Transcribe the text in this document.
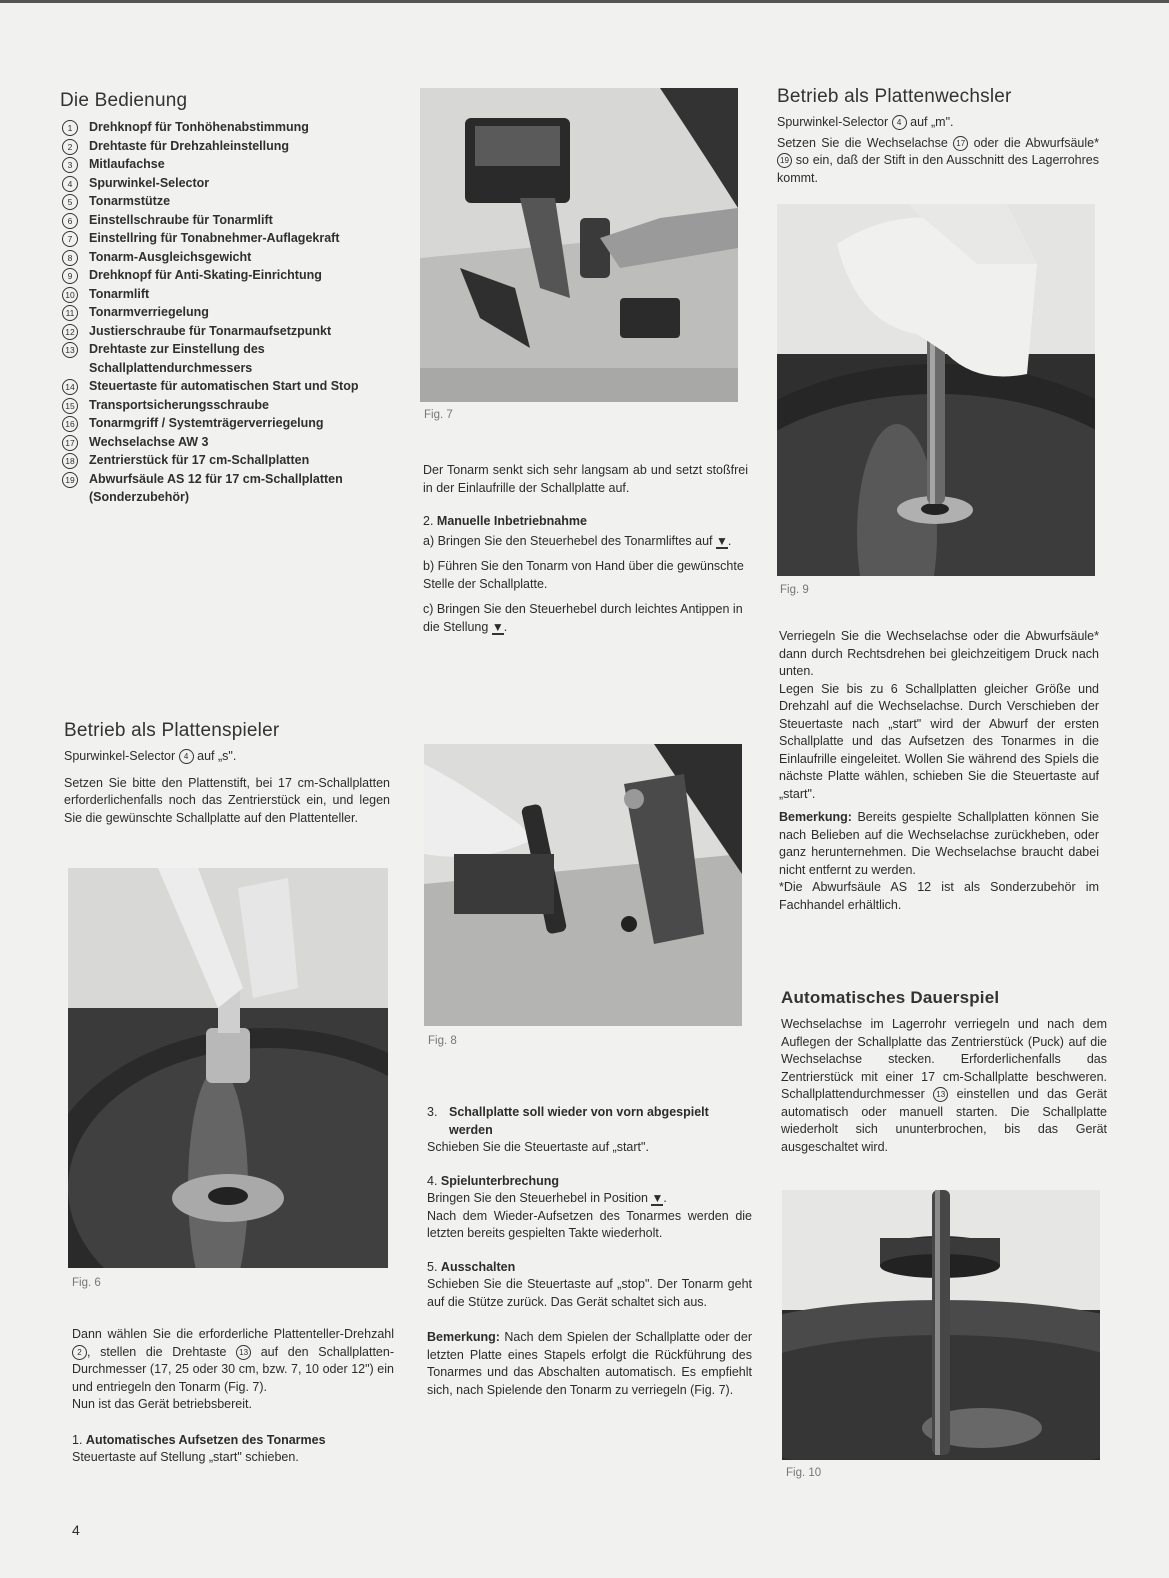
Die Bedienung
1	Drehknopf für Tonhöhenabstimmung
2	Drehtaste für Drehzahleinstellung
3	Mitlaufachse
4	Spurwinkel-Selector
5	Tonarmstütze
6	Einstellschraube für Tonarmlift
7	Einstellring für Tonabnehmer-Auflagekraft
8	Tonarm-Ausgleichsgewicht
9	Drehknopf für Anti-Skating-Einrichtung
10 Tonarmlift
11 Tonarmverriegelung
12 Justierschraube für Tonarmaufsetzpunkt
13 Drehtaste zur Einstellung des Schallplattendurchmessers
14 Steuertaste für automatischen Start und Stop
15 Transportsicherungsschraube
16 Tonarmgriff / Systemträgerverriegelung
17 Wechselachse AW 3
18 Zentrierstück für 17 cm-Schallplatten
19 Abwurfsäule AS 12 für 17 cm-Schallplatten (Sonderzubehör)
Betrieb als Plattenspieler

Spurwinkel-Selector 4 auf „s".

Setzen Sie bitte den Plattenstift, bei 17 cm-Schallplatten erforderlichenfalls noch das Zentrierstück ein, und legen Sie die gewünschte Schallplatte auf den Plattenteller.

Fig. 6

Dann wählen Sie die erforderliche Plattenteller-Drehzahl 2 , stellen die Drehtaste 13 auf den Schallplatten-Durchmesser (17, 25 oder 30 cm, bzw. 7, 10 oder 12") ein und entriegeln den Tonarm (Fig. 7).

Nun ist das Gerät betriebsbereit.

1. Automatisches Aufsetzen des Tonarmes

Steuertaste auf Stellung „start" schieben.

4

Fig. 7

Der Tonarm senkt sich sehr langsam ab und setzt stoßfrei in der Einlaufrille der Schallplatte auf.

2. Manuelle Inbetriebnahme

a) Bringen Sie den Steuerhebel des Tonarmliftes auf ▼.

b) Führen Sie den Tonarm von Hand über die gewünschte Stelle der Schallplatte.

c) Bringen Sie den Steuerhebel durch leichtes Antippen in die Stellung ▼.

Fig. 8

3. Schallplatte soll wieder von vorn abgespielt werden

Schieben Sie die Steuertaste auf „start".

4. Spielunterbrechung

Bringen Sie den Steuerhebel in Position ▼.

Nach dem Wieder-Aufsetzen des Tonarmes werden die letzten bereits gespielten Takte wiederholt.

5. Ausschalten

Schieben Sie die Steuertaste auf „stop". Der Tonarm geht auf die Stütze zurück. Das Gerät schaltet sich aus.

Bemerkung: Nach dem Spielen der Schallplatte oder der letzten Platte eines Stapels erfolgt die Rückführung des Tonarmes und das Abschalten automatisch. Es empfiehlt sich, nach Spielende den Tonarm zu verriegeln (Fig. 7).

Betrieb als Plattenwechsler

Spurwinkel-Selector 4 auf „m".

Setzen Sie die Wechselachse 17 oder die Abwurfsäule*19 so ein, daß der Stift in den Ausschnitt des Lagerrohres kommt.

Fig. 9

Verriegeln Sie die Wechselachse oder die Abwurfsäule* dann durch Rechtsdrehen bei gleichzeitigem Druck nach unten.

Legen Sie bis zu 6 Schallplatten gleicher Größe und Drehzahl auf die Wechselachse. Durch Verschieben der Steuertaste nach „start" wird der Abwurf der ersten Schallplatte und das Aufsetzen des Tonarmes in die Einlaufrille eingeleitet. Wollen Sie während des Spiels die nächste Platte wählen, schieben Sie die Steuertaste auf „start".

Bemerkung: Bereits gespielte Schallplatten können Sie nach Belieben auf die Wechselachse zurückheben, oder ganz herunternehmen. Die Wechselachse braucht dabei nicht entfernt zu werden.

*Die Abwurfsäule AS 12 ist als Sonderzubehör im Fachhandel erhältlich.

Automatisches Dauerspiel

Wechselachse im Lagerrohr verriegeln und nach dem Auflegen der Schallplatte das Zentrierstück (Puck) auf die Wechselachse stecken. Erforderlichenfalls das Zentrierstück mit einer 17 cm-Schallplatte beschweren. Schallplattendurchmesser 13 einstellen und das Gerät automatisch oder manuell starten. Die Schallplatte wiederholt sich ununterbrochen, bis das Gerät ausgeschaltet wird.

Fig. 10
